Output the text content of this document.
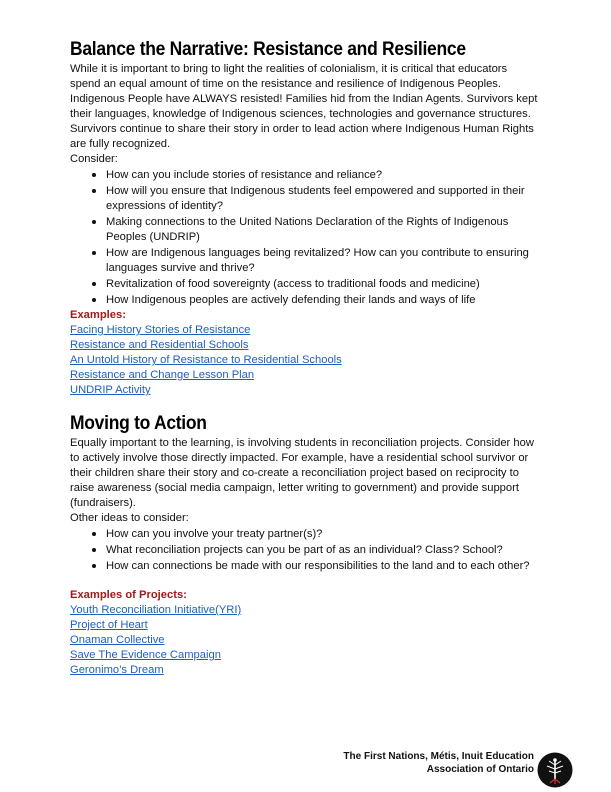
Balance the Narrative: Resistance and Resilience

While it is important to bring to light the realities of colonialism, it is critical that educators spend an equal amount of time on the resistance and resilience of Indigenous Peoples. Indigenous People have ALWAYS resisted! Families hid from the Indian Agents. Survivors kept their languages, knowledge of Indigenous sciences, technologies and governance structures. Survivors continue to share their story in order to lead action where Indigenous Human Rights are fully recognized.

Consider:

• How can you include stories of resistance and reliance?
• How will you ensure that Indigenous students feel empowered and supported in their expressions of identity?
• Making connections to the United Nations Declaration of the Rights of Indigenous Peoples (UNDRIP)
• How are Indigenous languages being revitalized? How can you contribute to ensuring languages survive and thrive?
• Revitalization of food sovereignty (access to traditional foods and medicine)
• How Indigenous peoples are actively defending their lands and ways of life

Examples:

Facing History Stories of Resistance
Resistance and Residential Schools
An Untold History of Resistance to Residential Schools
Resistance and Change Lesson Plan
UNDRIP Activity
Moving to Action

Equally important to the learning, is involving students in reconciliation projects. Consider how to actively involve those directly impacted. For example, have a residential school survivor or their children share their story and co-create a reconciliation project based on reciprocity to raise awareness (social media campaign, letter writing to government) and provide support (fundraisers).

Other ideas to consider:

• How can you involve your treaty partner(s)?
• What reconciliation projects can you be part of as an individual? Class? School?
• How can connections be made with our responsibilities to the land and to each other?

Examples of Projects:

Youth Reconciliation Initiative(YRI)
Project of Heart
Onaman Collective
Save The Evidence Campaign
Geronimo’s Dream
The First Nations, Métis, Inuit Education
Association of Ontario
